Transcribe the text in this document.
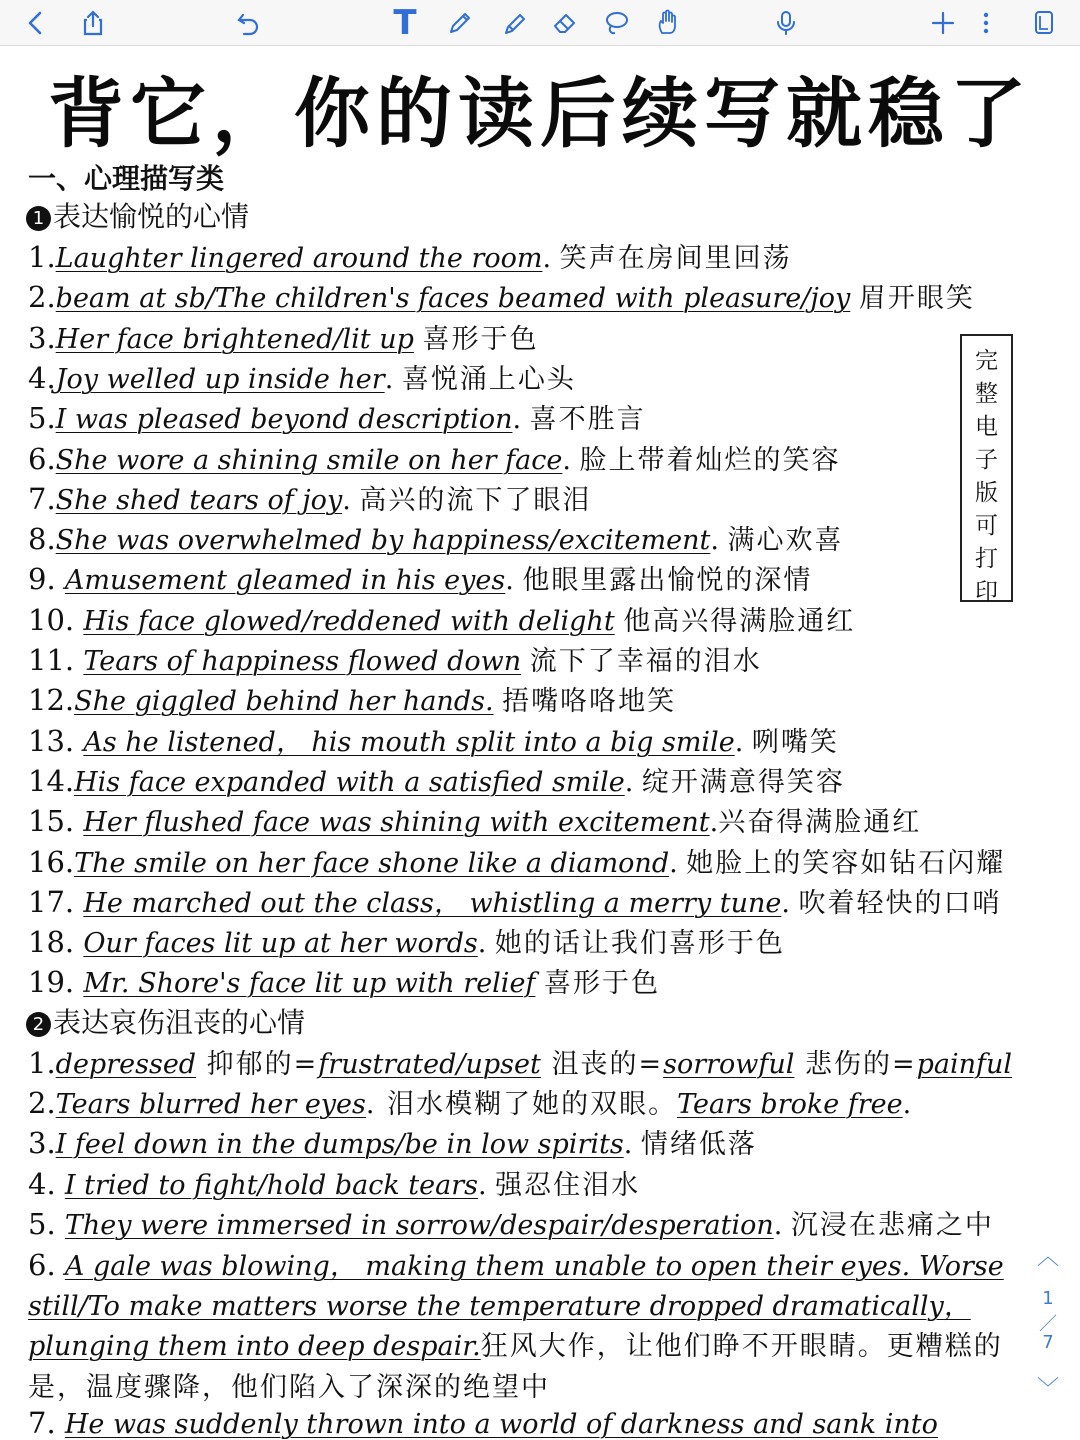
T
背它，你的读后续写就稳了
一、心理描写类
1 表达愉悦的心情
1.Laughter lingered around the room. 笑声在房间里回荡
2.beam at sb/The children's faces beamed with pleasure/joy 眉开眼笑
3.Her face brightened/lit up 喜形于色
4.Joy welled up inside her. 喜悦涌上心头
5.I was pleased beyond description. 喜不胜言
6.She wore a shining smile on her face. 脸上带着灿烂的笑容
7.She shed tears of joy. 高兴的流下了眼泪
8.She was overwhelmed by happiness/excitement. 满心欢喜
9. Amusement gleamed in his eyes. 他眼里露出愉悦的深情
10. His face glowed/reddened with delight 他高兴得满脸通红
11. Tears of happiness flowed down 流下了幸福的泪水
12.She giggled behind her hands. 捂嘴咯咯地笑
13. As he listened， his mouth split into a big smile. 咧嘴笑
14.His face expanded with a satisfied smile. 绽开满意得笑容
15. Her flushed face was shining with excitement.兴奋得满脸通红
16.The smile on her face shone like a diamond. 她脸上的笑容如钻石闪耀
17. He marched out the class， whistling a merry tune. 吹着轻快的口哨
18. Our faces lit up at her words. 她的话让我们喜形于色
19. Mr. Shore's face lit up with relief 喜形于色
2 表达哀伤沮丧的心情
1.depressed 抑郁的=frustrated/upset 沮丧的=sorrowful 悲伤的=painful
2.Tears blurred her eyes. 泪水模糊了她的双眼。Tears broke free.
3.I feel down in the dumps/be in low spirits. 情绪低落
4. I tried to fight/hold back tears. 强忍住泪水
5. They were immersed in sorrow/despair/desperation. 沉浸在悲痛之中
6. A gale was blowing， making them unable to open their eyes. Worse
still/To make matters worse the temperature dropped dramatically，
plunging them into deep despair.狂风大作，让他们睁不开眼睛。更糟糕的
是，温度骤降，他们陷入了深深的绝望中
7. He was suddenly thrown into a world of darkness and sank into
完
整
电
子
版
可
打
印
︿
1
／
7
﹀
